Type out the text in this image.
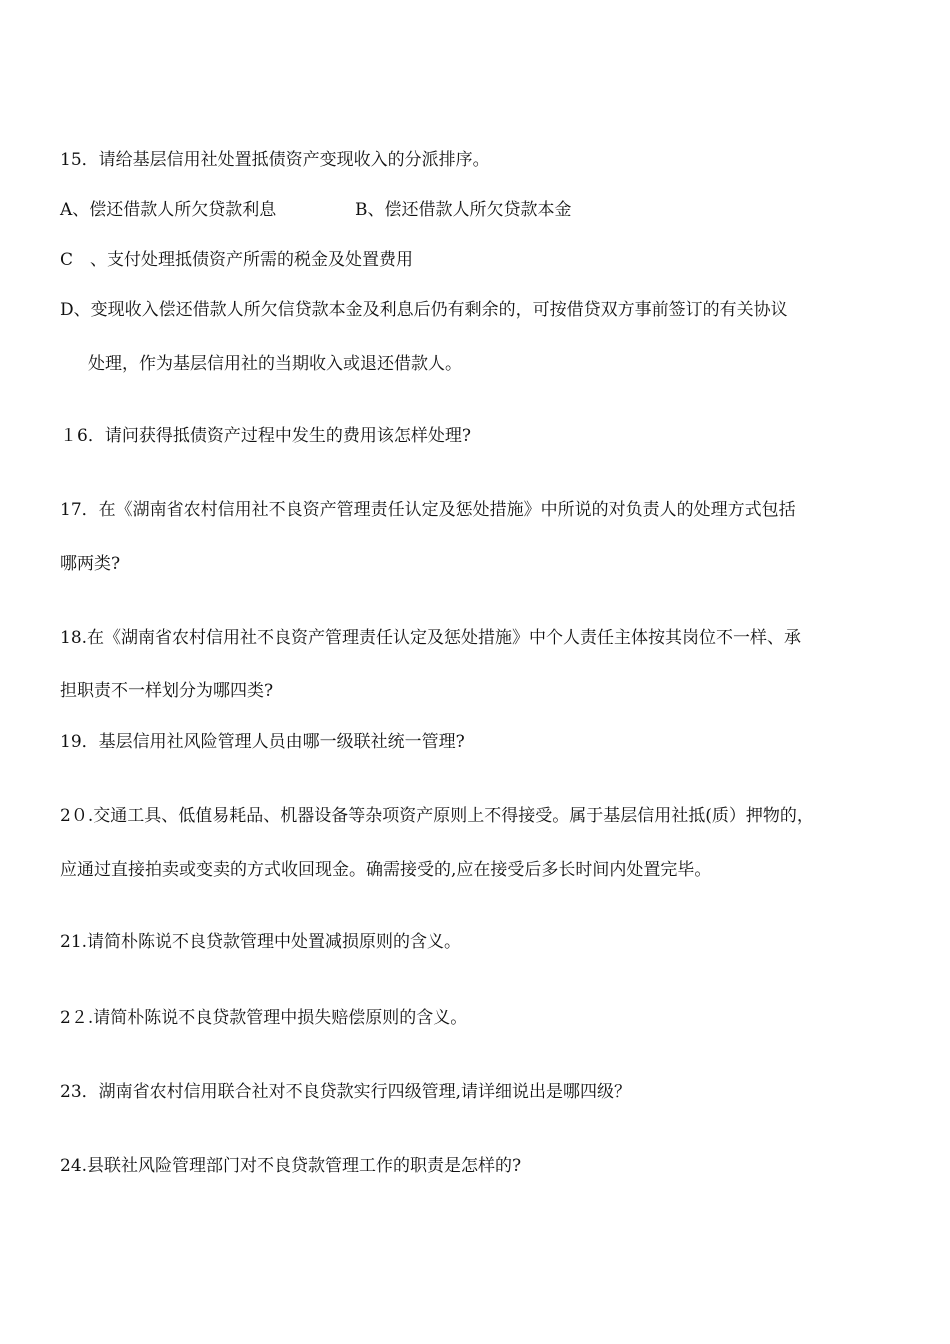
15．请给基层信用社处置抵债资产变现收入的分派排序。
A、偿还借款人所欠贷款利息	B、偿还借款人所欠贷款本金
C　、支付处理抵债资产所需的税金及处置费用
D、变现收入偿还借款人所欠信贷款本金及利息后仍有剩余的，可按借贷双方事前签订的有关协议
处理，作为基层信用社的当期收入或退还借款人。
１6．请问获得抵债资产过程中发生的费用该怎样处理?
17．在《湖南省农村信用社不良资产管理责任认定及惩处措施》中所说的对负责人的处理方式包括
哪两类?
18.在《湖南省农村信用社不良资产管理责任认定及惩处措施》中个人责任主体按其岗位不一样、承
担职责不一样划分为哪四类?
19．基层信用社风险管理人员由哪一级联社统一管理?
2０.交通工具、低值易耗品、机器设备等杂项资产原则上不得接受。属于基层信用社抵(质）押物的，
应通过直接拍卖或变卖的方式收回现金。确需接受的,应在接受后多长时间内处置完毕。
21.请简朴陈说不良贷款管理中处置减损原则的含义。
2２.请简朴陈说不良贷款管理中损失赔偿原则的含义。
23．湖南省农村信用联合社对不良贷款实行四级管理,请详细说出是哪四级？
24.县联社风险管理部门对不良贷款管理工作的职责是怎样的?
